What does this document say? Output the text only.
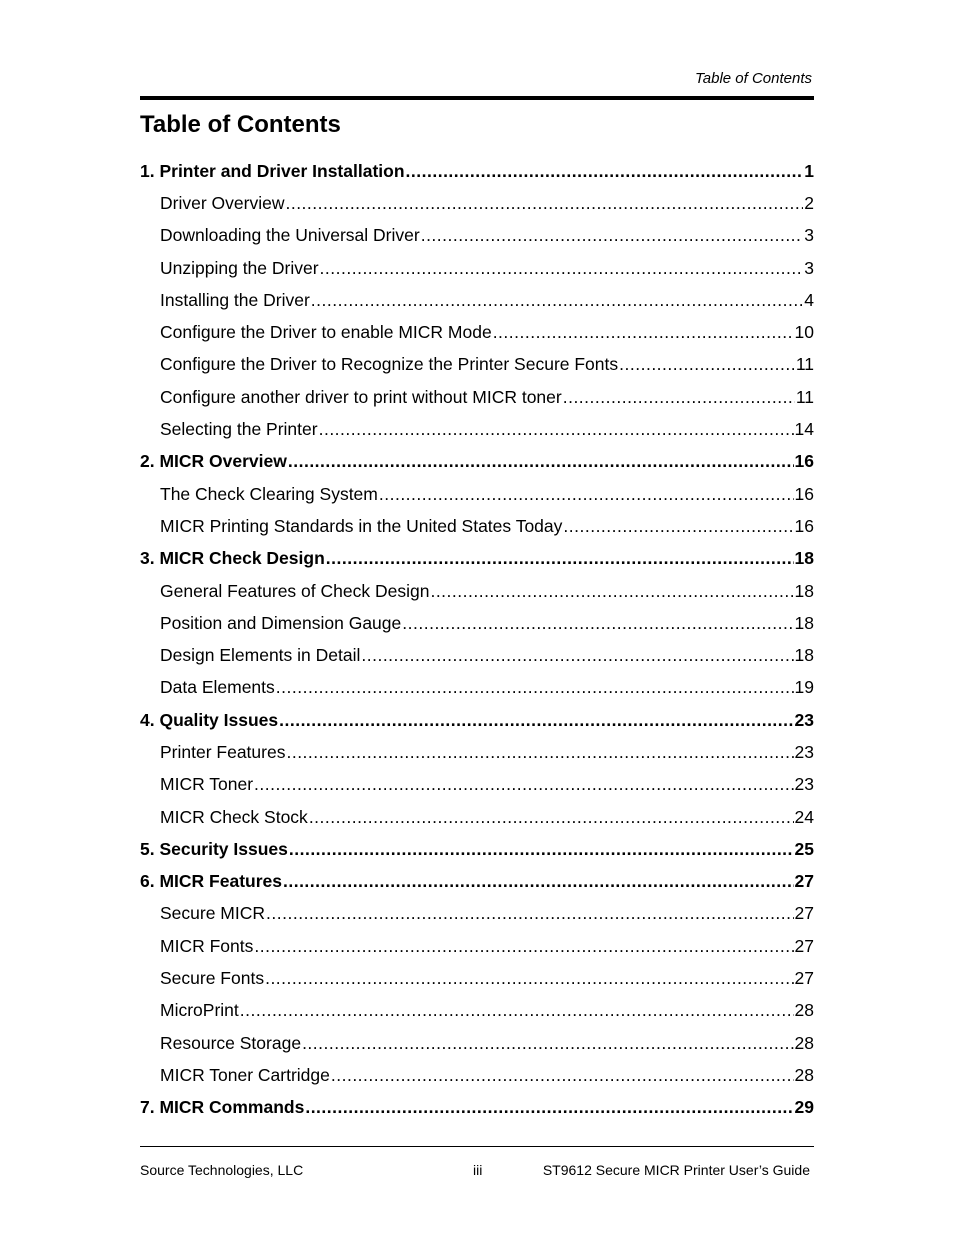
Table of Contents
Table of Contents
1. Printer and Driver Installation .....	1
Driver Overview .....	2
Downloading the Universal Driver .....	3
Unzipping the Driver .....	3
Installing the Driver .....	4
Configure the Driver to enable MICR Mode .....	10
Configure the Driver to Recognize the Printer Secure Fonts .....	11
Configure another driver to print without MICR toner .....	11
Selecting the Printer .....	14
2. MICR Overview .....	16
The Check Clearing System .....	16
MICR Printing Standards in the United States Today .....	16
3. MICR Check Design .....	18
General Features of Check Design .....	18
Position and Dimension Gauge .....	18
Design Elements in Detail .....	18
Data Elements .....	19
4. Quality Issues .....	23
Printer Features .....	23
MICR Toner .....	23
MICR Check Stock .....	24
5. Security Issues .....	25
6. MICR Features .....	27
Secure MICR .....	27
MICR Fonts .....	27
Secure Fonts .....	27
MicroPrint .....	28
Resource Storage .....	28
MICR Toner Cartridge .....	28
7. MICR Commands .....	29
Source Technologies, LLC	iii	ST9612 Secure MICR Printer User’s Guide
